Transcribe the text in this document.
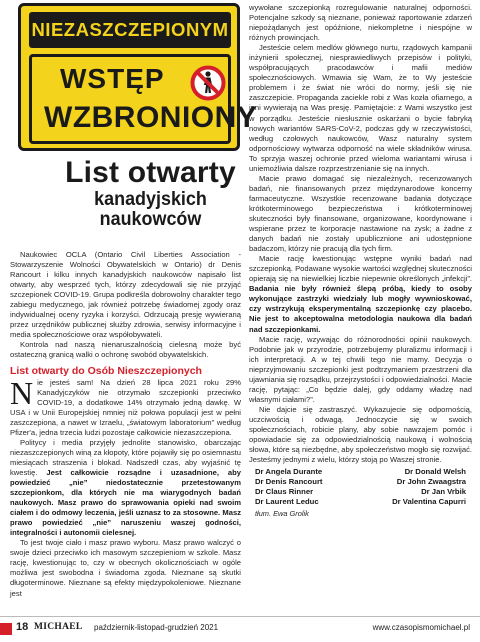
NIEZASZCZEPIONYM
WSTĘP
WZBRONIONY
List otwarty
kanadyjskich naukowców

Naukowiec OCLA (Ontario Civil Liberties Association - Stowarzyszenie Wolności Obywatelskich w Ontario) dr Denis Rancourt i kilku innych kanadyjskich naukowców napisało list otwarty, aby wesprzeć tych, którzy zdecydowali się nie przyjąć szczepionek COVID-19. Grupa podkreśla dobrowolny charakter tego zabiegu medycznego, jak również potrzebę świadomej zgody oraz indywidualnej oceny ryzyka i korzyści. Odrzucają presję wywieraną przez urzędników publicznej służby zdrowia, serwisy informacyjne i media społecznościowe oraz współobywateli.

Kontrola nad naszą nienaruszalnością cielesną może być ostateczną granicą walki o ochronę swobód obywatelskich.

List otwarty do Osób Nieszczepionych

N ie jesteś sam! Na dzień 28 lipca 2021 roku 29% Kanadyjczyków nie otrzymało szczepionki przeciwko COVID-19, a dodatkowe 14% otrzymało jedną dawkę. W USA i w Unii Europejskiej nmniej niż połowa populacji jest w pełni zaszczepiona, a nawet w Izraelu, „światowym laboratorium” według Pfizer'a, jedna trzecia ludzi pozostaje całkowicie niezaszczepiona.

Politycy i media przyjęły jednolite stanowisko, obarczając niezaszczepionych winą za kłopoty, które pojawiły się po osiemnastu miesiącach straszenia i blokad. Nadszedł czas, aby wyjaśnić tę kwestię. Jest całkowicie rozsądne i uzasadnione, aby powiedzieć „nie” niedostatecznie przetestowanym szczepionkom, dla których nie ma wiarygodnych badań naukowych. Masz prawo do sprawowania opieki nad swoim ciałem i do odmowy leczenia, jeśli uznasz to za stosowne. Masz prawo powiedzieć „nie” naruszeniu waszej godności, integralności i autonomii cielesnej.

To jest twoje ciało i masz prawo wyboru. Masz prawo walczyć o swoje dzieci przeciwko ich masowym szczepieniom w szkole. Masz rację, kwestionując to, czy w obecnych okolicznościach w ogóle możliwa jest swobodna i świadoma zgoda. Nieznane są skutki długoterminowe. Nieznane są efekty międzypokoleniowe. Nieznane jest

wywołane szczepionką rozregulowanie naturalnej odporności. Potencjalne szkody są nieznane, ponieważ raportowanie zdarzeń niepożądanych jest opóźnione, niekompletne i niespójne w różnych prowincjach.

Jesteście celem medlów głównego nurtu, rządowych kampanii inżynierii społecznej, niesprawiedliwych przepisów i polityki, współpracujących pracodawców i mafii mediów społecznościowych. Wmawia się Wam, że to Wy jesteście problemem i że świat nie wróci do normy, jeśli się nie zaszczepicie. Propaganda zaciekle robi z Was kozła ofiarnego, a inni wywierają na Was presję. Pamiętajcie: z Wami wszystko jest w porządku. Jesteście niesłusznie oskarżani o bycie fabryką nowych wariantów SARS-CoV-2, podczas gdy w rzeczywistości, według czołowych naukowców, Wasz naturalny system odpornościowy wytwarza odporność na wiele składników wirusa. To sprzyja waszej ochronie przed wieloma wariantami wirusa i uniemożliwia dalsze rozprzestrzenianie się na innych.

Macie prawo domagać się niezależnych, recenzowanych badań, nie finansowanych przez międzynarodowe koncerny farmaceutyczne. Wszystkie recenzowane badania dotyczące krótkoterminowego bezpieczeństwa i krótkoterminowej skuteczności były finansowane, organizowane, koordynowane i wspierane przez te korporacje nastawione na zysk; a żadne z danych badań nie zostały upublicznione ani udostępnione badaczom, którzy nie pracują dla tych firm.

Macie rację kwestionując wstępne wyniki badań nad szczepionką. Podawane wysokie wartości względnej skuteczności opierają się na niewielkiej liczbie niepewnie określonych „infekcji”. Badania nie były również ślepą próbą, kiedy to osoby wykonujące zastrzyki wiedziały lub mogły wywnioskować, czy wstrzykują eksperymentalną szczepionkę czy placebo. Nie jest to akceptowalna metodologia naukowa dla badań nad szczepionkami.

Macie rację, wzywając do różnorodności opinii naukowych. Podobnie jak w przyrodzie, potrzebujemy pluralizmu informacji i ich interpretacji. A w tej chwili tego nie mamy. Decyzja o nieprzyjmowaniu szczepionki jest podtrzymaniem przestrzeni dla ujawniania się rozsądku, przejrzystości i odpowiedzialności. Macie rację, pytając: „Co będzie dalej, gdy oddamy władzę nad własnymi ciałami?”.

Nie dajcie się zastraszyć. Wykazujecie się odpornością, uczciwością i odwagą. Jednoczycie się w swoich społecznościach, robicie plany, aby sobie nawzajem pomóc i opowiadacie się za odpowiedzialnością naukową i wolnością słowa, które są niezbędne, aby społeczeństwo mogło się rozwijać. Jesteśmy jednymi z wielu, którzy stoją po Waszej stronie.

Dr Angela Durante	Dr Donald Welsh
Dr Denis Rancourt	Dr John Zwaagstra
Dr Claus Rinner	Dr Jan Vrbik
Dr Laurent Leduc	Dr Valentina Capurri
tłum. Ewa Grolik
18 MICHAEL październik-listopad-grudzień 2021	www.czasopismomichael.pl
